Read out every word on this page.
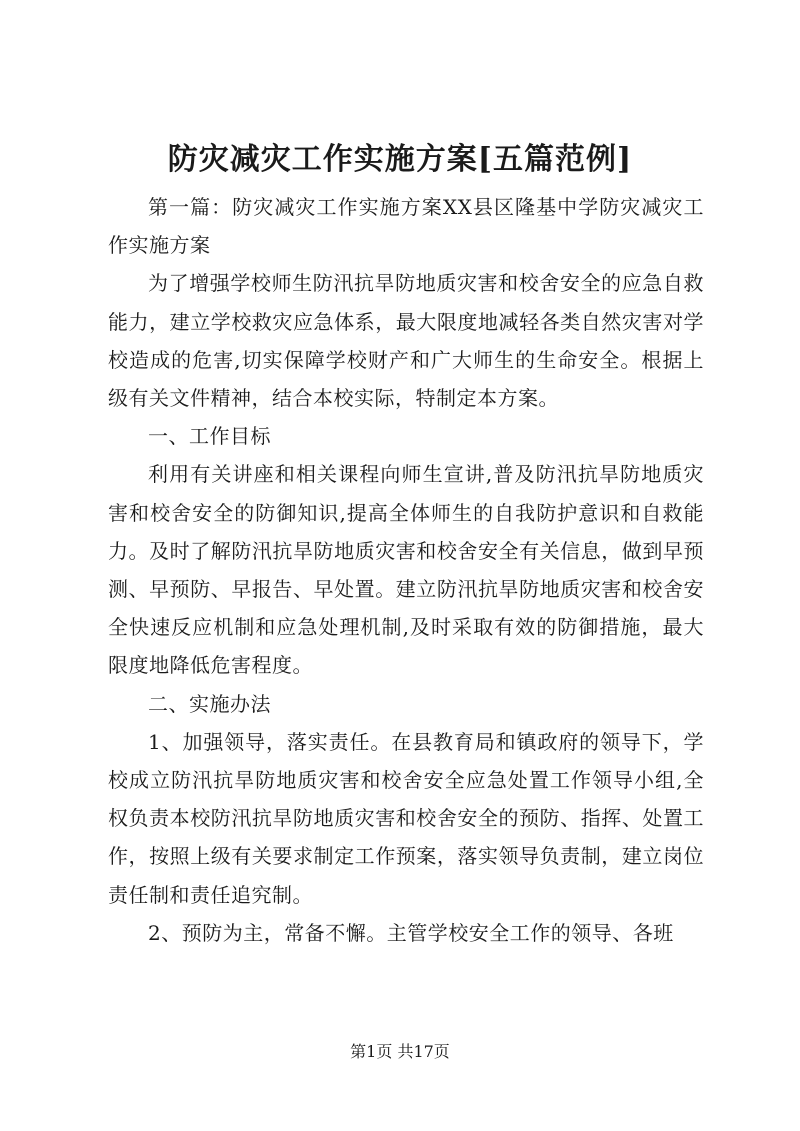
防灾减灾工作实施方案[五篇范例]

第一篇：防灾减灾工作实施方案XX县区隆基中学防灾减灾工作实施方案

为了增强学校师生防汛抗旱防地质灾害和校舍安全的应急自救能力，建立学校救灾应急体系，最大限度地减轻各类自然灾害对学校造成的危害,切实保障学校财产和广大师生的生命安全。根据上级有关文件精神，结合本校实际，特制定本方案。

一、工作目标

利用有关讲座和相关课程向师生宣讲,普及防汛抗旱防地质灾害和校舍安全的防御知识,提高全体师生的自我防护意识和自救能力。及时了解防汛抗旱防地质灾害和校舍安全有关信息，做到早预测、早预防、早报告、早处置。建立防汛抗旱防地质灾害和校舍安全快速反应机制和应急处理机制,及时采取有效的防御措施，最大限度地降低危害程度。

二、实施办法

1、加强领导，落实责任。在县教育局和镇政府的领导下，学校成立防汛抗旱防地质灾害和校舍安全应急处置工作领导小组,全权负责本校防汛抗旱防地质灾害和校舍安全的预防、指挥、处置工作，按照上级有关要求制定工作预案，落实领导负责制，建立岗位责任制和责任追究制。

2、预防为主，常备不懈。主管学校安全工作的领导、各班

第1页 共17页
